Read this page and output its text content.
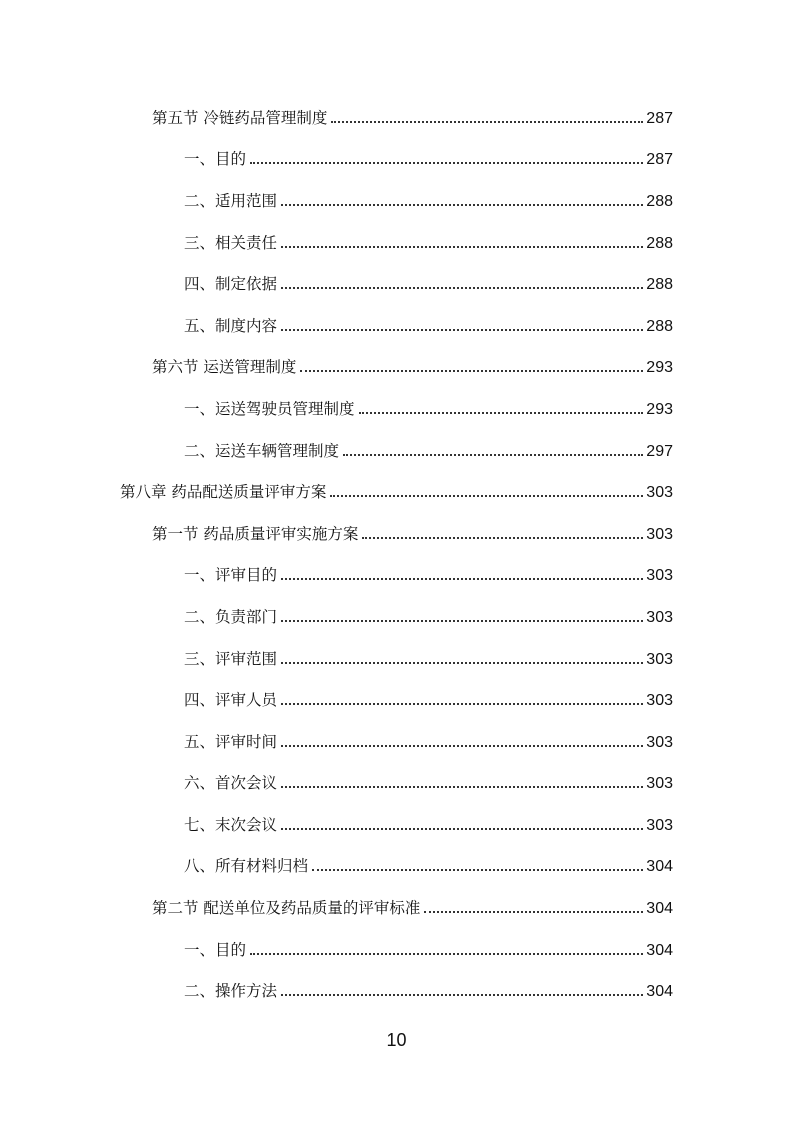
第五节 冷链药品管理制度	287
一、目的	287
二、适用范围	288
三、相关责任	288
四、制定依据	288
五、制度内容	288
第六节 运送管理制度	293
一、运送驾驶员管理制度	293
二、运送车辆管理制度	297
第八章 药品配送质量评审方案	303
第一节 药品质量评审实施方案	303
一、评审目的	303
二、负责部门	303
三、评审范围	303
四、评审人员	303
五、评审时间	303
六、首次会议	303
七、末次会议	303
八、所有材料归档	304
第二节 配送单位及药品质量的评审标准	304
一、目的	304
二、操作方法	304
10
